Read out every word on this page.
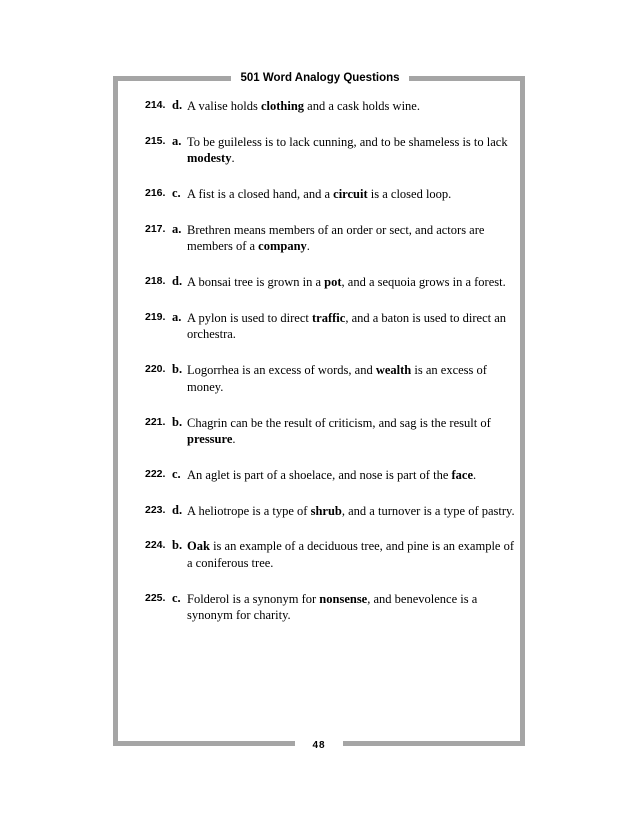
501 Word Analogy Questions
214. d. A valise holds clothing and a cask holds wine.
215. a. To be guileless is to lack cunning, and to be shameless is to lack modesty.
216. c. A fist is a closed hand, and a circuit is a closed loop.
217. a. Brethren means members of an order or sect, and actors are members of a company.
218. d. A bonsai tree is grown in a pot, and a sequoia grows in a forest.
219. a. A pylon is used to direct traffic, and a baton is used to direct an orchestra.
220. b. Logorrhea is an excess of words, and wealth is an excess of money.
221. b. Chagrin can be the result of criticism, and sag is the result of pressure.
222. c. An aglet is part of a shoelace, and nose is part of the face.
223. d. A heliotrope is a type of shrub, and a turnover is a type of pastry.
224. b. Oak is an example of a deciduous tree, and pine is an example of a coniferous tree.
225. c. Folderol is a synonym for nonsense, and benevolence is a synonym for charity.
48
